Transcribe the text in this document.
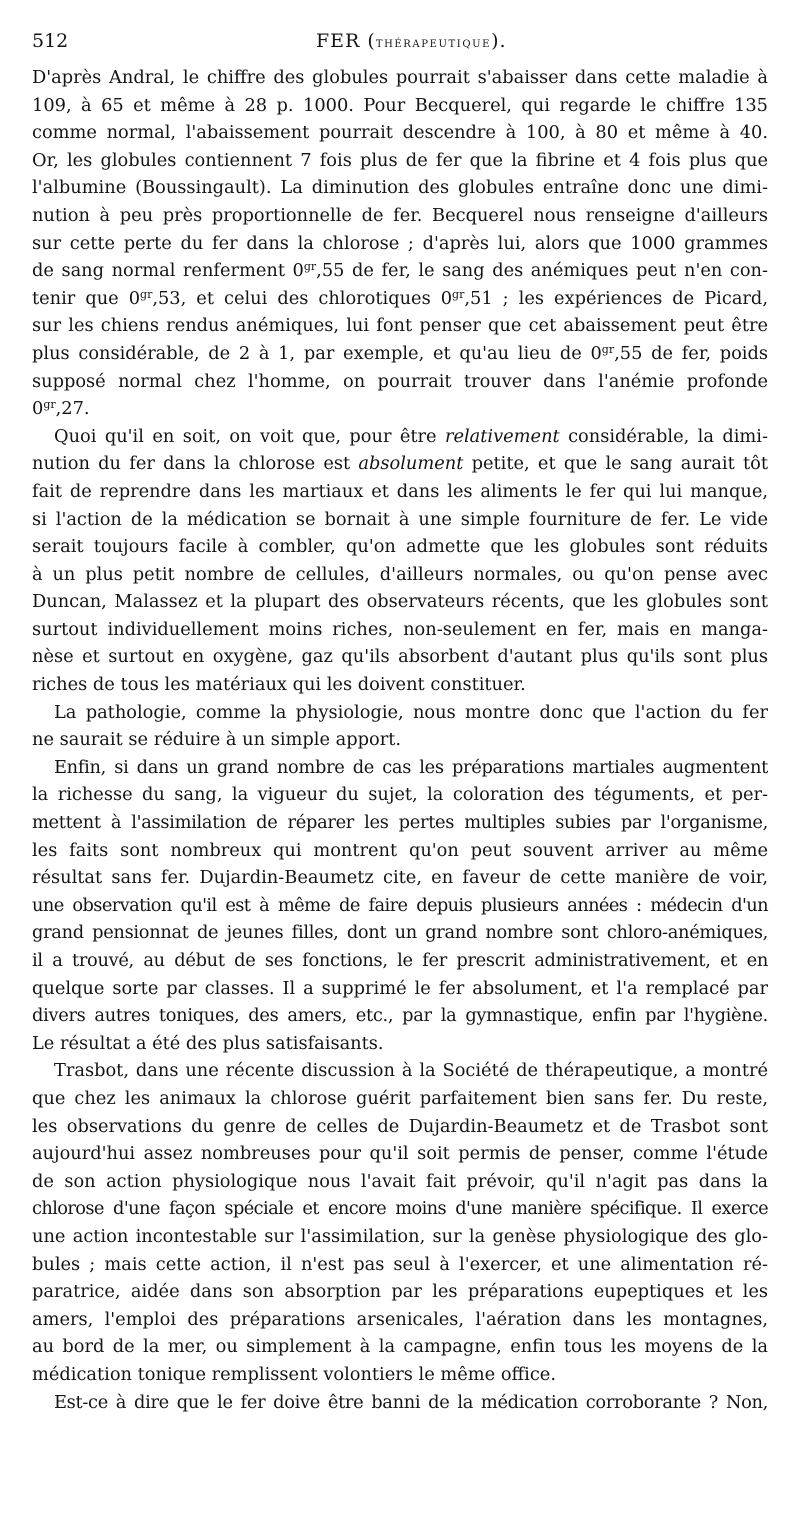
512	FER (thérapeutique).
D'après Andral, le chiffre des globules pourrait s'abaisser dans cette maladie à
109, à 65 et même à 28 p. 1000. Pour Becquerel, qui regarde le chiffre 135
comme normal, l'abaissement pourrait descendre à 100, à 80 et même à 40.
Or, les globules contiennent 7 fois plus de fer que la fibrine et 4 fois plus que
l'albumine (Boussingault). La diminution des globules entraîne donc une dimi-
nution à peu près proportionnelle de fer. Becquerel nous renseigne d'ailleurs
sur cette perte du fer dans la chlorose ; d'après lui, alors que 1000 grammes
de sang normal renferment $0^{gr},55$ de fer, le sang des anémiques peut n'en con-
tenir que $0^{gr},53$, et celui des chlorotiques $0^{gr},51$ ; les expériences de Picard,
sur les chiens rendus anémiques, lui font penser que cet abaissement peut être
plus considérable, de 2 à 1, par exemple, et qu'au lieu de $0^{gr},55$ de fer, poids
supposé normal chez l'homme, on pourrait trouver dans l'anémie profonde
$0^{gr},27$.
Quoi qu'il en soit, on voit que, pour être relativement considérable, la dimi-
nution du fer dans la chlorose est absolument petite, et que le sang aurait tôt
fait de reprendre dans les martiaux et dans les aliments le fer qui lui manque,
si l'action de la médication se bornait à une simple fourniture de fer. Le vide
serait toujours facile à combler, qu'on admette que les globules sont réduits
à un plus petit nombre de cellules, d'ailleurs normales, ou qu'on pense avec
Duncan, Malassez et la plupart des observateurs récents, que les globules sont
surtout individuellement moins riches, non-seulement en fer, mais en manga-
nèse et surtout en oxygène, gaz qu'ils absorbent d'autant plus qu'ils sont plus
riches de tous les matériaux qui les doivent constituer.
La pathologie, comme la physiologie, nous montre donc que l'action du fer
ne saurait se réduire à un simple apport.
Enfin, si dans un grand nombre de cas les préparations martiales augmentent
la richesse du sang, la vigueur du sujet, la coloration des téguments, et per-
mettent à l'assimilation de réparer les pertes multiples subies par l'organisme,
les faits sont nombreux qui montrent qu'on peut souvent arriver au même
résultat sans fer. Dujardin-Beaumetz cite, en faveur de cette manière de voir,
une observation qu'il est à même de faire depuis plusieurs années : médecin d'un
grand pensionnat de jeunes filles, dont un grand nombre sont chloro-anémiques,
il a trouvé, au début de ses fonctions, le fer prescrit administrativement, et en
quelque sorte par classes. Il a supprimé le fer absolument, et l'a remplacé par
divers autres toniques, des amers, etc., par la gymnastique, enfin par l'hygiène.
Le résultat a été des plus satisfaisants.
Trasbot, dans une récente discussion à la Société de thérapeutique, a montré
que chez les animaux la chlorose guérit parfaitement bien sans fer. Du reste,
les observations du genre de celles de Dujardin-Beaumetz et de Trasbot sont
aujourd'hui assez nombreuses pour qu'il soit permis de penser, comme l'étude
de son action physiologique nous l'avait fait prévoir, qu'il n'agit pas dans la
chlorose d'une façon spéciale et encore moins d'une manière spécifique. Il exerce
une action incontestable sur l'assimilation, sur la genèse physiologique des glo-
bules ; mais cette action, il n'est pas seul à l'exercer, et une alimentation ré-
paratrice, aidée dans son absorption par les préparations eupeptiques et les
amers, l'emploi des préparations arsenicales, l'aération dans les montagnes,
au bord de la mer, ou simplement à la campagne, enfin tous les moyens de la
médication tonique remplissent volontiers le même office.
Est-ce à dire que le fer doive être banni de la médication corroborante ? Non,
